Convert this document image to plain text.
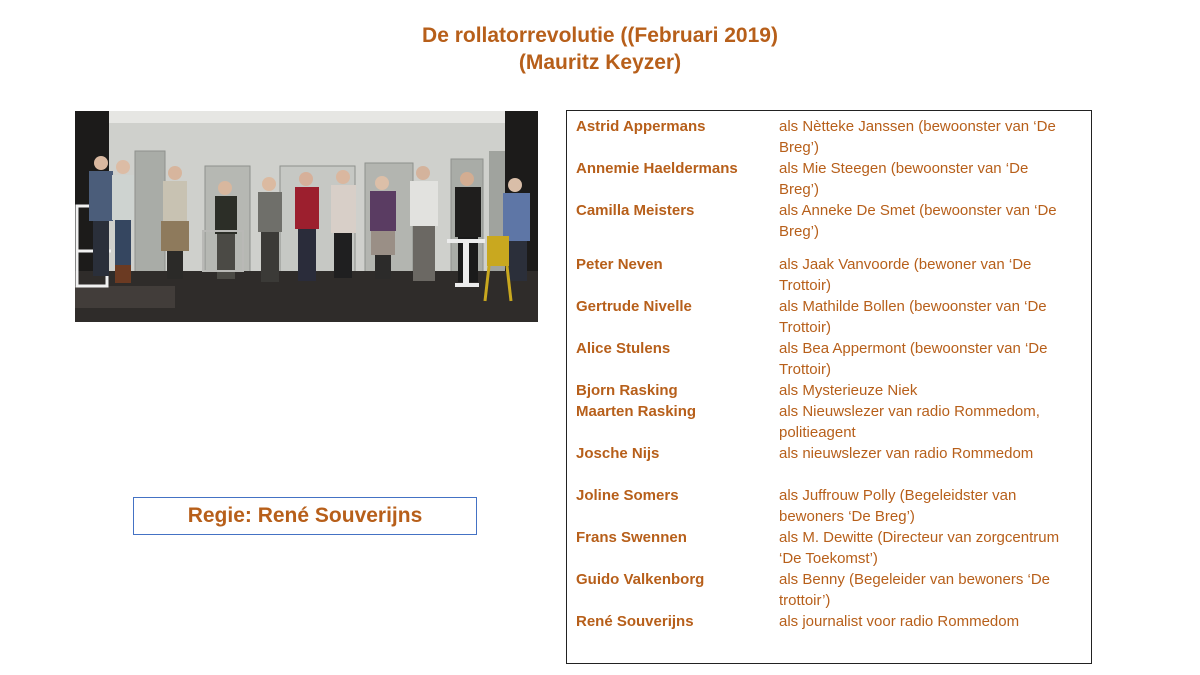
De rollatorrevolutie ((Februari 2019)
(Mauritz Keyzer)
Regie: René Souverijns
Astrid Appermans	als Nètteke Janssen (bewoonster van ‘De Breg’)
Annemie Haeldermans	als Mie Steegen (bewoonster van ‘De Breg’)
Camilla Meisters	als Anneke De Smet (bewoonster van ‘De Breg’)
Peter Neven	als Jaak Vanvoorde (bewoner van ‘De Trottoir)
Gertrude Nivelle	als Mathilde Bollen (bewoonster van ‘De Trottoir)
Alice Stulens	als Bea Appermont (bewoonster van ‘De Trottoir)
Bjorn Rasking	als Mysterieuze Niek
Maarten Rasking	als Nieuwslezer van radio Rommedom, politieagent
Josche Nijs	als nieuwslezer van radio Rommedom
Joline Somers	als Juffrouw Polly (Begeleidster van bewoners ‘De Breg’)
Frans Swennen	als M. Dewitte (Directeur van zorgcentrum ‘De Toekomst’)
Guido Valkenborg	als Benny (Begeleider van bewoners ‘De trottoir’)
René Souverijns	als journalist voor radio Rommedom
